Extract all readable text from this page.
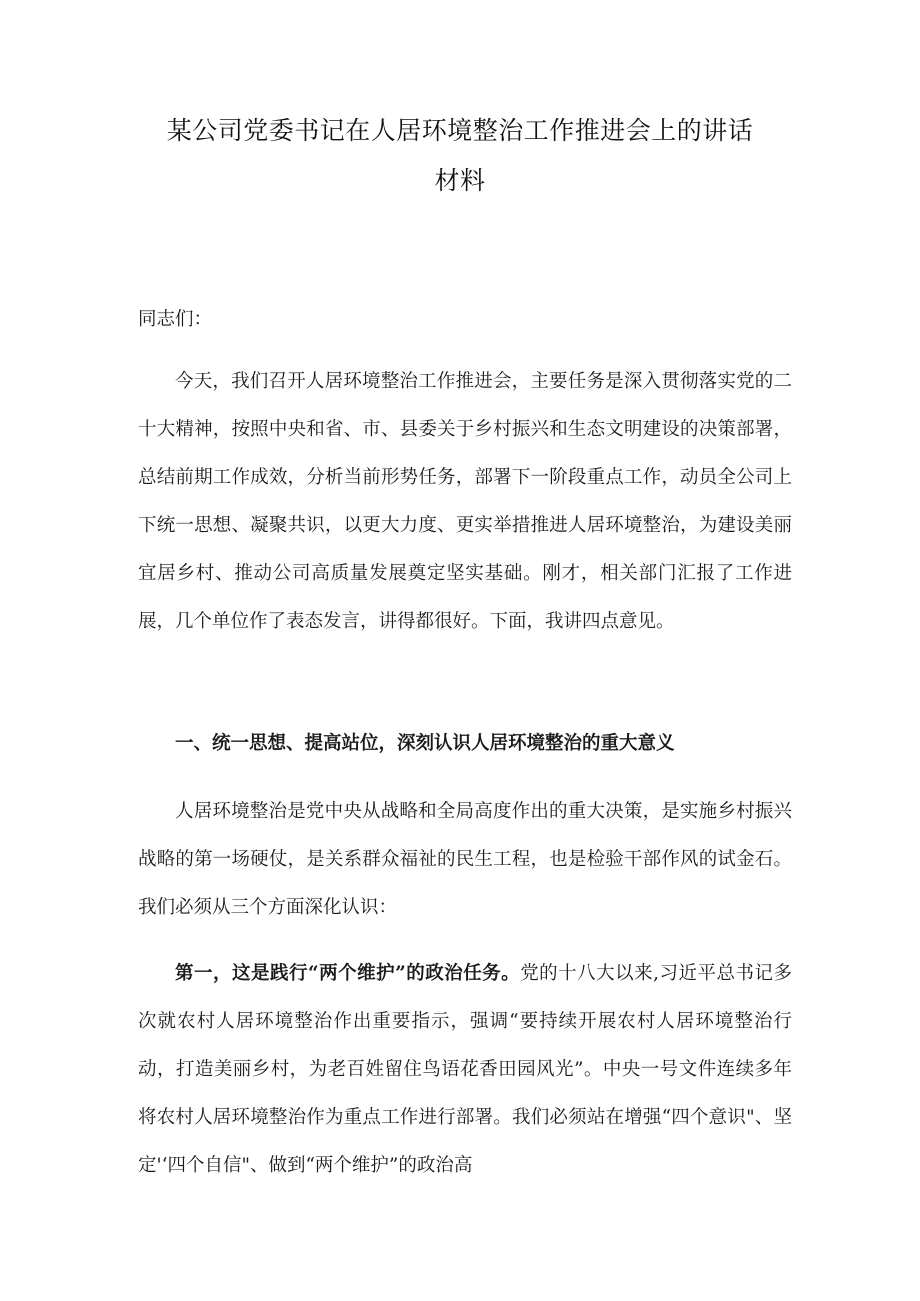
某公司党委书记在人居环境整治工作推进会上的讲话
材料
同志们：
今天，我们召开人居环境整治工作推进会，主要任务是深入贯彻落实党的二十大精神，按照中央和省、市、县委关于乡村振兴和生态文明建设的决策部署，总结前期工作成效，分析当前形势任务，部署下一阶段重点工作，动员全公司上下统一思想、凝聚共识，以更大力度、更实举措推进人居环境整治，为建设美丽宜居乡村、推动公司高质量发展奠定坚实基础。刚才，相关部门汇报了工作进展，几个单位作了表态发言，讲得都很好。下面，我讲四点意见。
一、统一思想、提高站位，深刻认识人居环境整治的重大意义
人居环境整治是党中央从战略和全局高度作出的重大决策，是实施乡村振兴战略的第一场硬仗，是关系群众福祉的民生工程，也是检验干部作风的试金石。我们必须从三个方面深化认识：
第一，这是践行“两个维护”的政治任务。党的十八大以来,习近平总书记多次就农村人居环境整治作出重要指示，强调“要持续开展农村人居环境整治行动，打造美丽乡村，为老百姓留住鸟语花香田园风光”。中央一号文件连续多年将农村人居环境整治作为重点工作进行部署。我们必须站在增强“四个意识"、坚定'‘四个自信"、做到“两个维护”的政治高
